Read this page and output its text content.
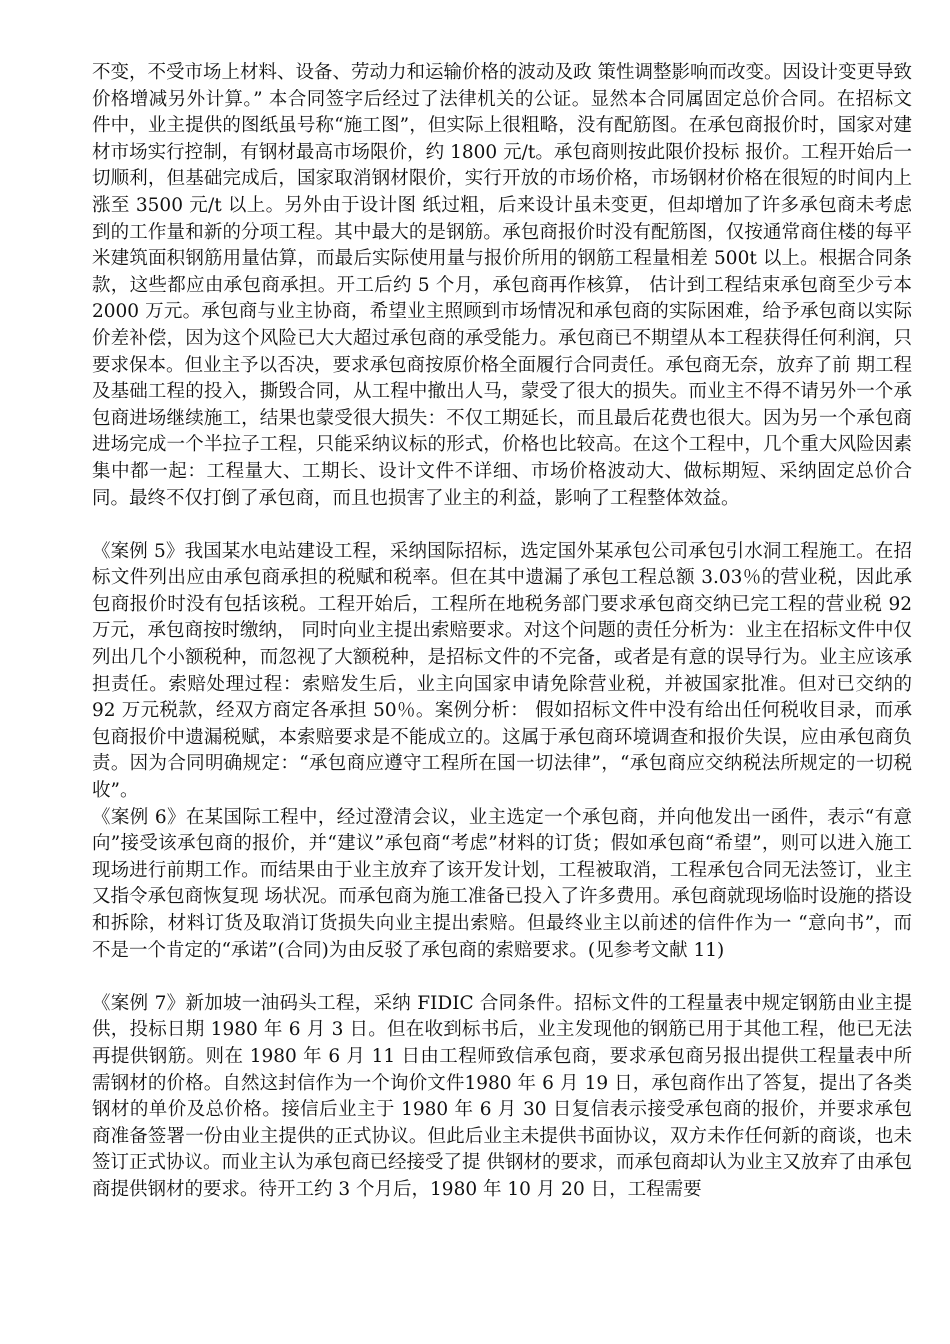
不变，不受市场上材料、设备、劳动力和运输价格的波动及政 策性调整影响而改变。因设计变更导致价格增减另外计算。” 本合同签字后经过了法律机关的公证。显然本合同属固定总价合同。在招标文件中，业主提供的图纸虽号称“施工图”，但实际上很粗略，没有配筋图。在承包商报价时，国家对建材市场实行控制，有钢材最高市场限价，约 1800 元/t。承包商则按此限价投标 报价。工程开始后一切顺利，但基础完成后，国家取消钢材限价，实行开放的市场价格，市场钢材价格在很短的时间内上涨至 3500 元/t 以上。另外由于设计图 纸过粗，后来设计虽未变更，但却增加了许多承包商未考虑到的工作量和新的分项工程。其中最大的是钢筋。承包商报价时没有配筋图，仅按通常商住楼的每平米建筑面积钢筋用量估算，而最后实际使用量与报价所用的钢筋工程量相差 500t 以上。根据合同条款，这些都应由承包商承担。开工后约 5 个月，承包商再作核算， 估计到工程结束承包商至少亏本 2000 万元。承包商与业主协商，希望业主照顾到市场情况和承包商的实际困难，给予承包商以实际价差补偿，因为这个风险已大大超过承包商的承受能力。承包商已不期望从本工程获得任何利润，只要求保本。但业主予以否决，要求承包商按原价格全面履行合同责任。承包商无奈，放弃了前 期工程及基础工程的投入，撕毁合同，从工程中撤出人马，蒙受了很大的损失。而业主不得不请另外一个承包商进场继续施工，结果也蒙受很大损失：不仅工期延长，而且最后花费也很大。因为另一个承包商进场完成一个半拉子工程，只能采纳议标的形式，价格也比较高。在这个工程中，几个重大风险因素集中都一起：工程量大、工期长、设计文件不详细、市场价格波动大、做标期短、采纳固定总价合同。最终不仅打倒了承包商，而且也损害了业主的利益，影响了工程整体效益。

《案例 5》我国某水电站建设工程，采纳国际招标，选定国外某承包公司承包引水洞工程施工。在招标文件列出应由承包商承担的税赋和税率。但在其中遗漏了承包工程总额 3.03％的营业税，因此承包商报价时没有包括该税。工程开始后，工程所在地税务部门要求承包商交纳已完工程的营业税 92 万元，承包商按时缴纳， 同时向业主提出索赔要求。对这个问题的责任分析为：业主在招标文件中仅列出几个小额税种，而忽视了大额税种，是招标文件的不完备，或者是有意的误导行为。业主应该承担责任。索赔处理过程：索赔发生后，业主向国家申请免除营业税，并被国家批准。但对已交纳的 92 万元税款，经双方商定各承担 50％。案例分析： 假如招标文件中没有给出任何税收目录，而承包商报价中遗漏税赋，本索赔要求是不能成立的。这属于承包商环境调查和报价失误，应由承包商负责。因为合同明确规定：“承包商应遵守工程所在国一切法律”，“承包商应交纳税法所规定的一切税收”。

《案例 6》在某国际工程中，经过澄清会议，业主选定一个承包商，并向他发出一函件，表示“有意向”接受该承包商的报价，并“建议”承包商“考虑”材料的订货；假如承包商“希望”，则可以进入施工现场进行前期工作。而结果由于业主放弃了该开发计划，工程被取消，工程承包合同无法签订，业主又指令承包商恢复现 场状况。而承包商为施工准备已投入了许多费用。承包商就现场临时设施的搭设和拆除，材料订货及取消订货损失向业主提出索赔。但最终业主以前述的信件作为一 “意向书”，而不是一个肯定的“承诺”(合同)为由反驳了承包商的索赔要求。(见参考文献 11)

《案例 7》新加坡一油码头工程，采纳 FIDIC 合同条件。招标文件的工程量表中规定钢筋由业主提供，投标日期 1980 年 6 月 3 日。但在收到标书后，业主发现他的钢筋已用于其他工程，他已无法再提供钢筋。则在 1980 年 6 月 11 日由工程师致信承包商，要求承包商另报出提供工程量表中所需钢材的价格。自然这封信作为一个询价文件1980 年 6 月 19 日，承包商作出了答复，提出了各类钢材的单价及总价格。接信后业主于 1980 年 6 月 30 日复信表示接受承包商的报价，并要求承包商准备签署一份由业主提供的正式协议。但此后业主未提供书面协议，双方未作任何新的商谈，也未签订正式协议。而业主认为承包商已经接受了提 供钢材的要求，而承包商却认为业主又放弃了由承包商提供钢材的要求。待开工约 3 个月后，1980 年 10 月 20 日，工程需要
